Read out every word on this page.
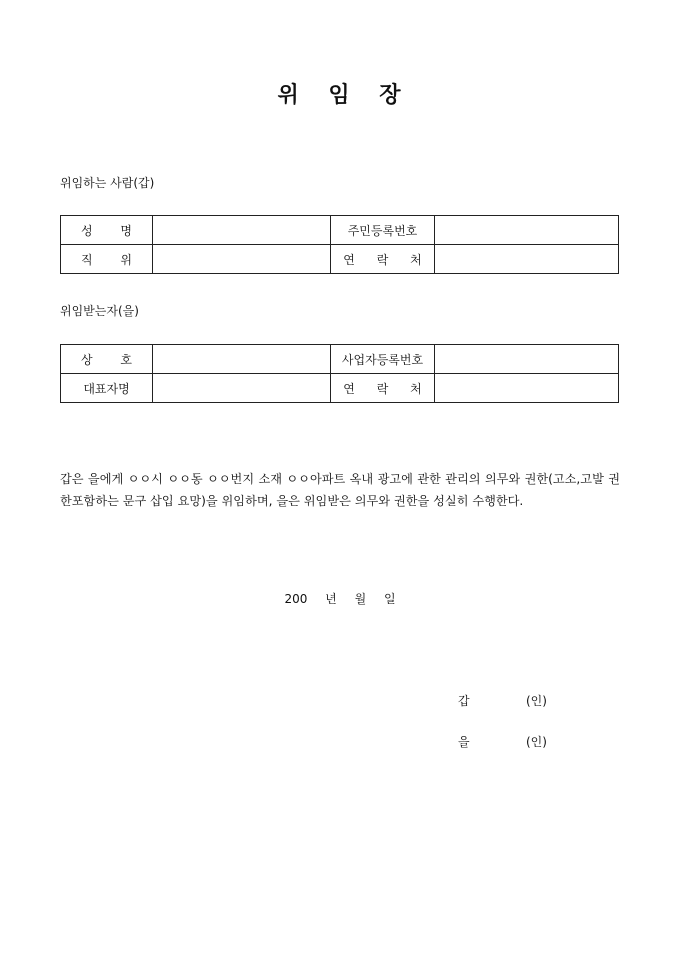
위 임 장
위임하는 사람(갑)
성 명		주민등록번호	
직 위		연 락 처	
위임받는자(을)
상 호		사업자등록번호	
대표자명		연 락 처	
갑은 을에게 ㅇㅇ시 ㅇㅇ동 ㅇㅇ번지 소재 ㅇㅇ아파트 옥내 광고에 관한 관리의 의무와 권한(고소,고발 권한포함하는 문구 삽입 요망)을 위임하며, 을은 위임받은 의무와 권한을 성실히 수행한다.
200 년 월 일
갑	(인)
을	(인)
